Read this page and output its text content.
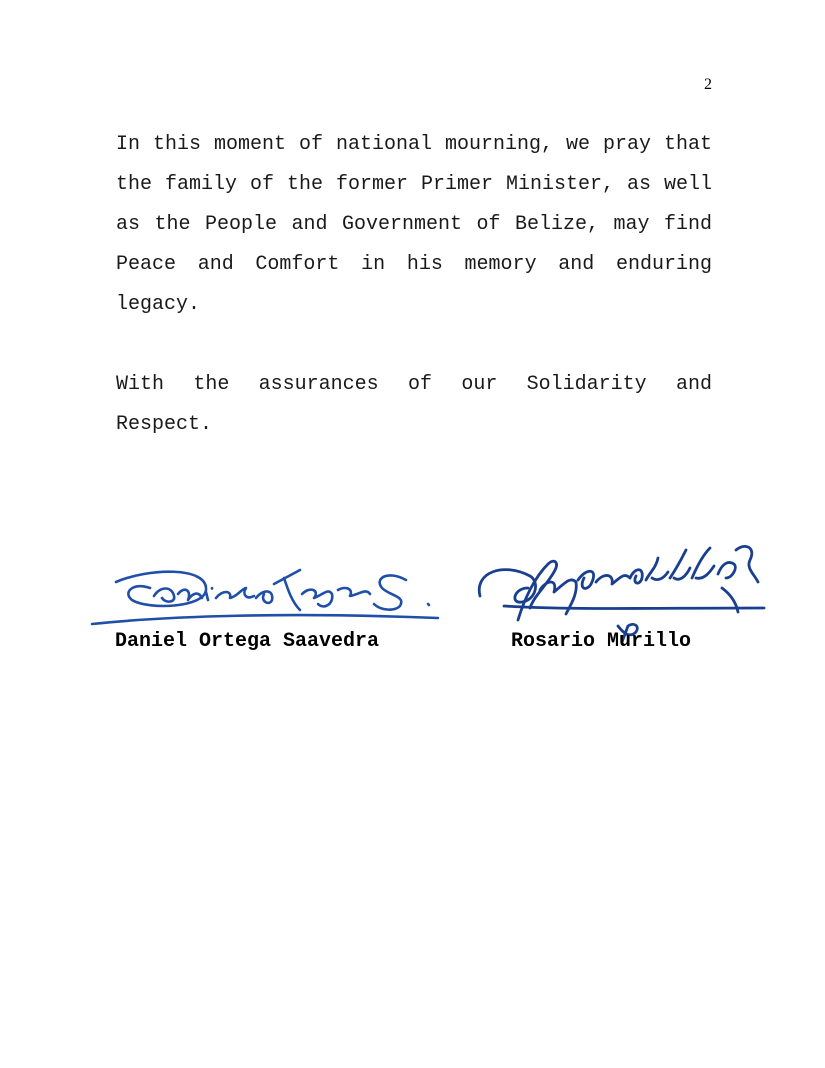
2

In this moment of national mourning, we pray that the family of the former Primer Minister, as well as the People and Government of Belize, may find Peace and Comfort in his memory and enduring legacy.

With the assurances of our Solidarity and Respect.

Daniel Ortega Saavedra	Rosario Murillo
